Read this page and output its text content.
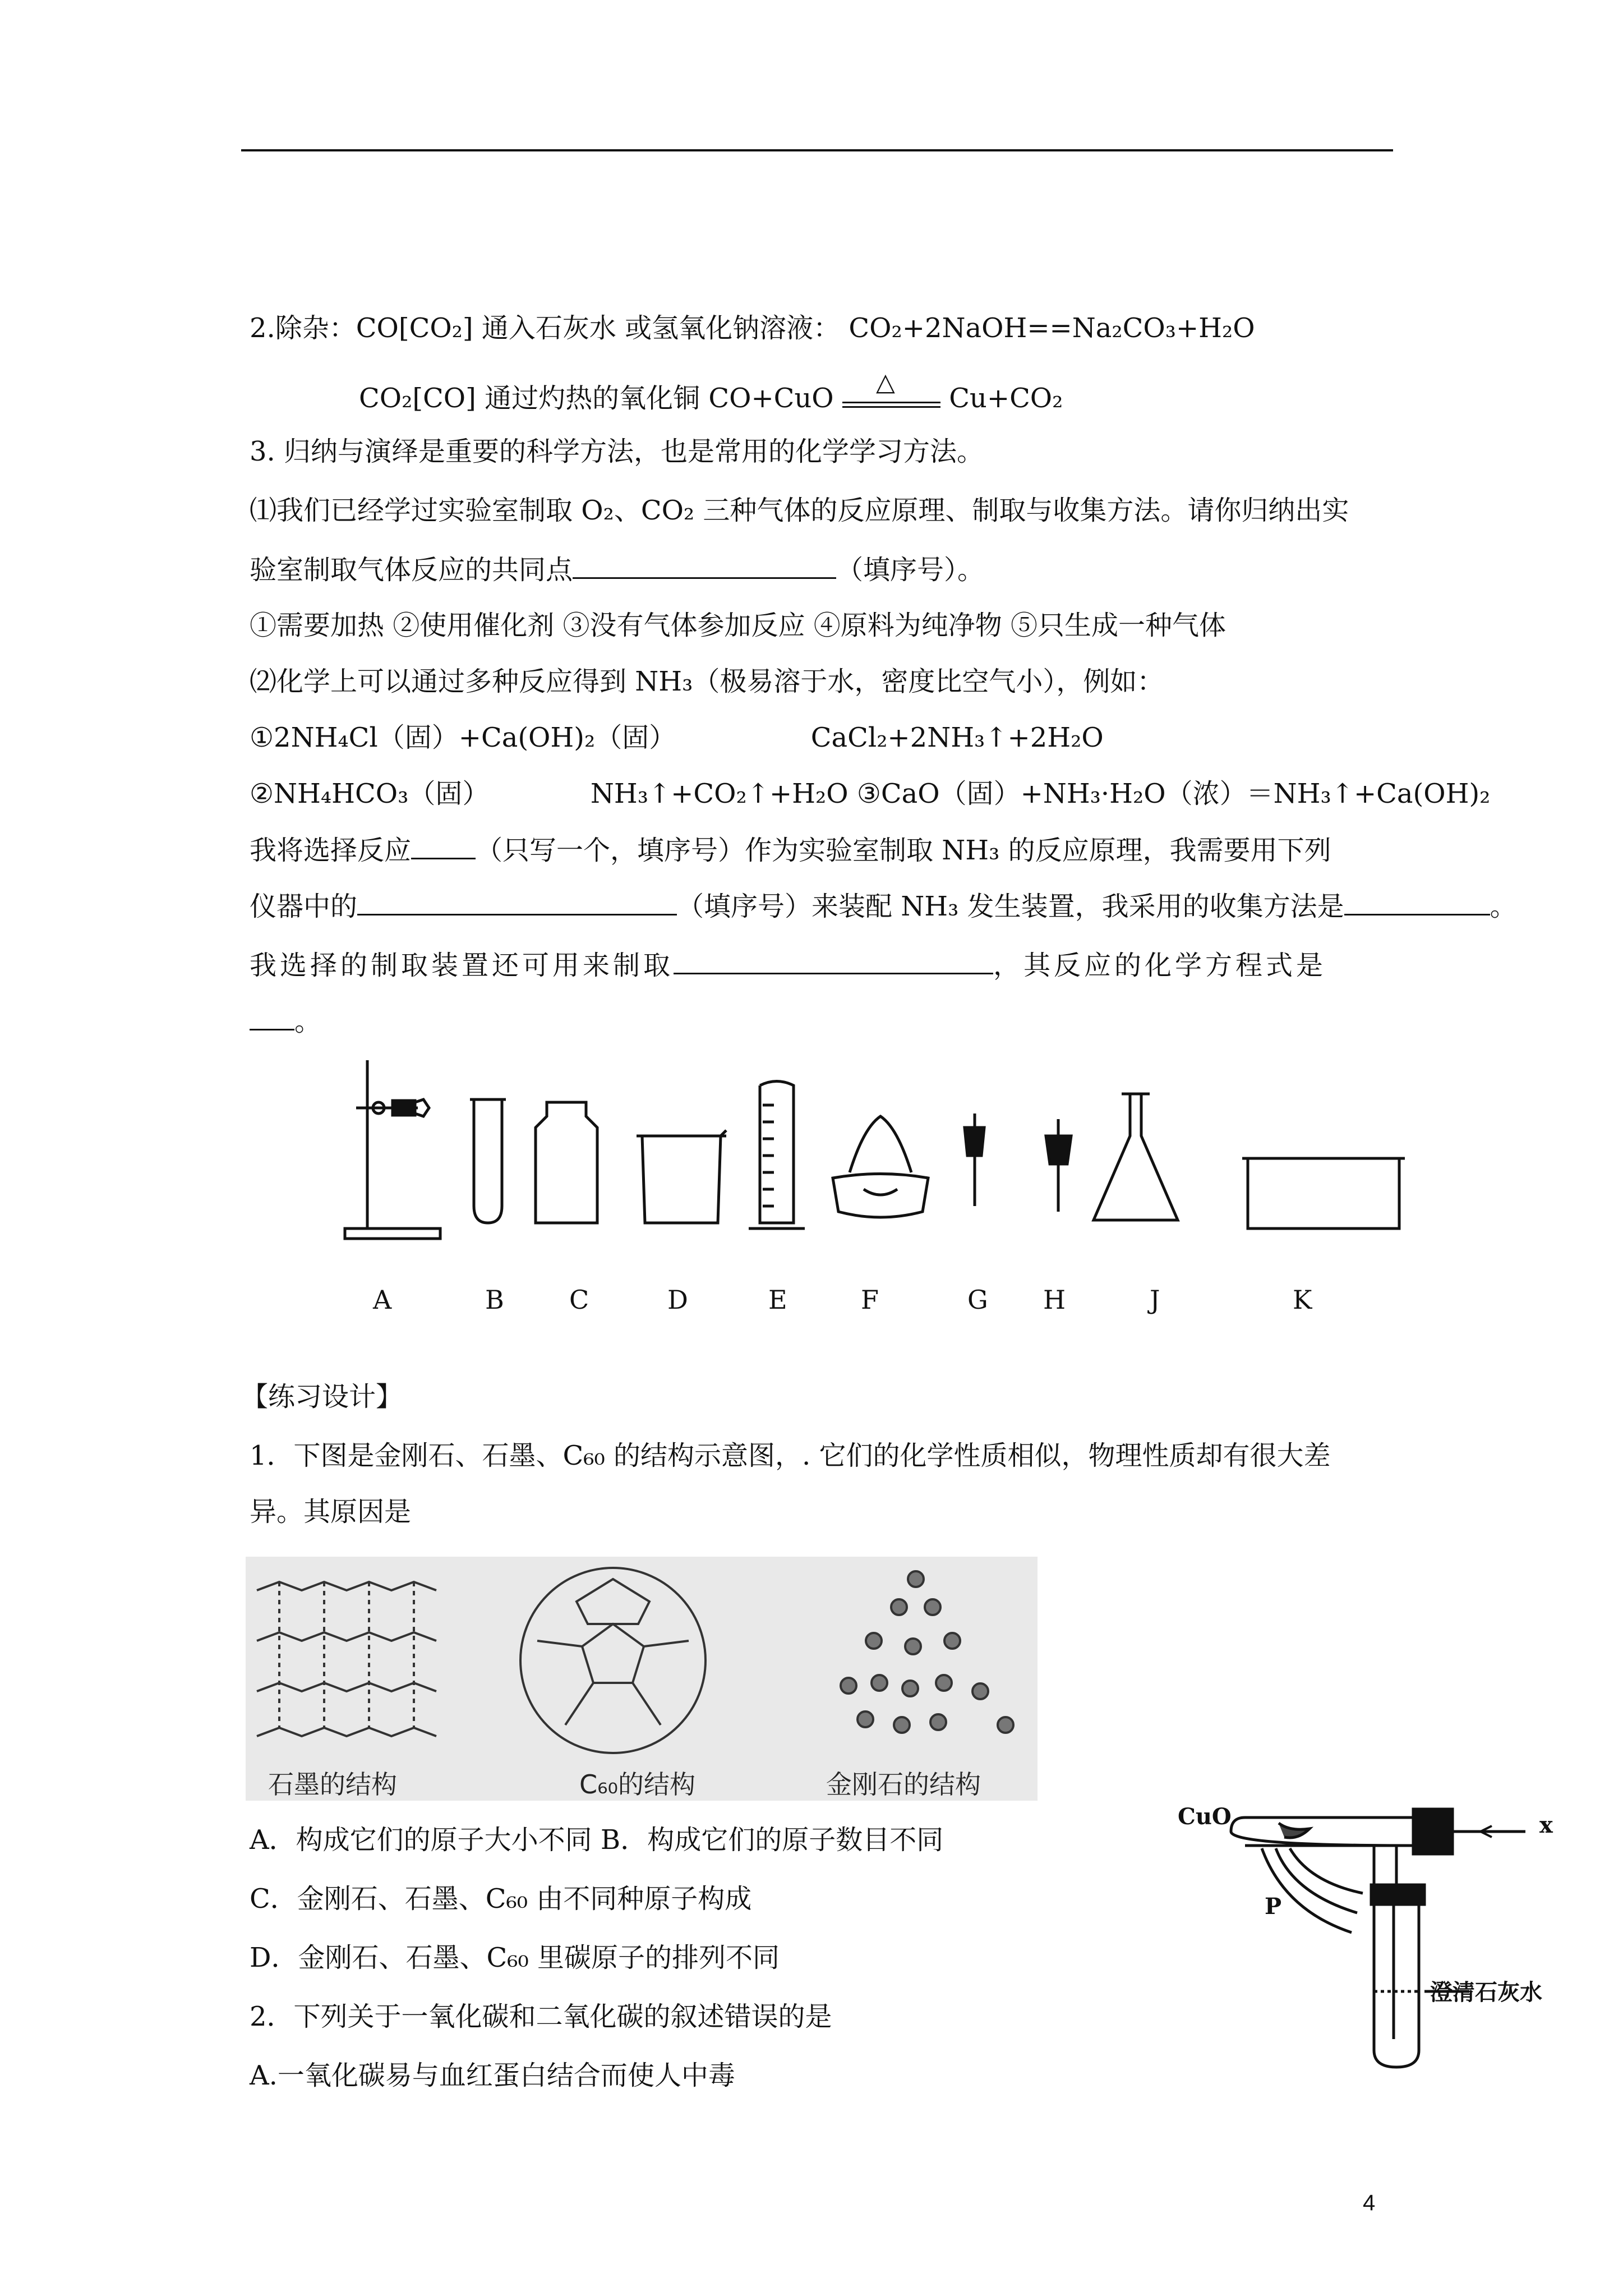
2.除杂：CO[CO₂] 通入石灰水 或氢氧化钠溶液： CO₂+2NaOH==Na₂CO₃+H₂O
CO₂[CO] 通过灼热的氧化铜 CO+CuO
△
Cu+CO₂
3. 归纳与演绎是重要的科学方法，也是常用的化学学习方法。
⑴我们已经学过实验室制取 O₂、CO₂ 三种气体的反应原理、制取与收集方法。请你归纳出实
验室制取气体反应的共同点	（填序号）。
①需要加热 ②使用催化剂 ③没有气体参加反应 ④原料为纯净物 ⑤只生成一种气体
⑵化学上可以通过多种反应得到 NH₃（极易溶于水，密度比空气小），例如：
①2NH₄Cl（固）+Ca(OH)₂（固）	CaCl₂+2NH₃↑+2H₂O
②NH₄HCO₃（固）	NH₃↑+CO₂↑+H₂O ③CaO（固）+NH₃·H₂O（浓）＝NH₃↑+Ca(OH)₂
我将选择反应 （只写一个，填序号）作为实验室制取 NH₃ 的反应原理，我需要用下列
仪器中的	（填序号）来装配 NH₃ 发生装置，我采用的收集方法是	。
我选择的制取装置还可用来制取	，其反应的化学方程式是
。
A	B	C	D	E	F	G H	J	K
【练习设计】
1．下图是金刚石、石墨、C₆₀ 的结构示意图，. 它们的化学性质相似，物理性质却有很大差
异。其原因是
石墨的结构	C₆₀的结构	金刚石的结构
A．构成它们的原子大小不同 B．构成它们的原子数目不同
C．金刚石、石墨、C₆₀ 由不同种原子构成
D．金刚石、石墨、C₆₀ 里碳原子的排列不同
2．下列关于一氧化碳和二氧化碳的叙述错误的是
A.一氧化碳易与血红蛋白结合而使人中毒
CuO	x
P
澄清石灰水
4
